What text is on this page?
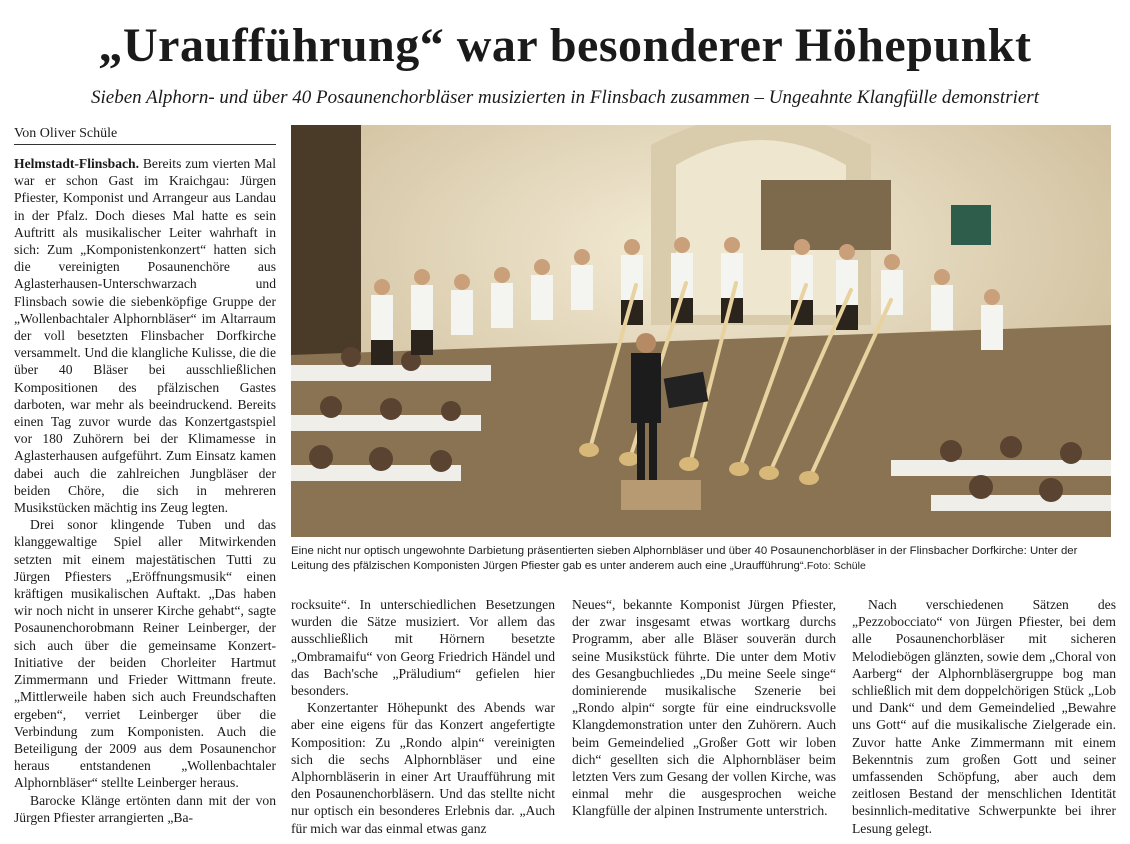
„Uraufführung“ war besonderer Höhepunkt
Sieben Alphorn- und über 40 Posaunenchorbläser musizierten in Flinsbach zusammen – Ungeahnte Klangfülle demonstriert
Von Oliver Schüle

Helmstadt-Flinsbach. Bereits zum vierten Mal war er schon Gast im Kraichgau: Jürgen Pfiester, Komponist und Arrangeur aus Landau in der Pfalz. Doch dieses Mal hatte es sein Auftritt als musikalischer Leiter wahrhaft in sich: Zum „Komponistenkonzert“ hatten sich die vereinigten Posaunenchöre aus Aglasterhausen-Unterschwarzach und Flinsbach sowie die siebenköpfige Gruppe der „Wollenbachtaler Alphornbläser“ im Altarraum der voll besetzten Flinsbacher Dorfkirche versammelt. Und die klangliche Kulisse, die die über 40 Bläser bei ausschließlichen Kompositionen des pfälzischen Gastes darboten, war mehr als beeindruckend. Bereits einen Tag zuvor wurde das Konzertgastspiel vor 180 Zuhörern bei der Klimamesse in Aglasterhausen aufgeführt. Zum Einsatz kamen dabei auch die zahlreichen Jungbläser der beiden Chöre, die sich in mehreren Musikstücken mächtig ins Zeug legten.

Drei sonor klingende Tuben und das klanggewaltige Spiel aller Mitwirkenden setzten mit einem majestätischen Tutti zu Jürgen Pfiesters „Eröffnungsmusik“ einen kräftigen musikalischen Auftakt. „Das haben wir noch nicht in unserer Kirche gehabt“, sagte Posaunenchorobmann Reiner Leinberger, der sich auch über die gemeinsame Konzert-Initiative der beiden Chorleiter Hartmut Zimmermann und Frieder Wittmann freute. „Mittlerweile haben sich auch Freundschaften ergeben“, verriet Leinberger über die Verbindung zum Komponisten. Auch die Beteiligung der 2009 aus dem Posaunenchor heraus entstandenen „Wollenbachtaler Alphornbläser“ stellte Leinberger heraus.

Barocke Klänge ertönten dann mit der von Jürgen Pfiester arrangierten „Ba-

Eine nicht nur optisch ungewohnte Darbietung präsentierten sieben Alphornbläser und über 40 Posaunenchorbläser in der Flinsbacher Dorfkirche: Unter der Leitung des pfälzischen Komponisten Jürgen Pfiester gab es unter anderem auch eine „Uraufführung“.Foto: Schüle

rocksuite“. In unterschiedlichen Besetzungen wurden die Sätze musiziert. Vor allem das ausschließlich mit Hörnern besetzte „Ombramaifu“ von Georg Friedrich Händel und das Bach'sche „Präludium“ gefielen hier besonders.

Konzertanter Höhepunkt des Abends war aber eine eigens für das Konzert angefertigte Komposition: Zu „Rondo alpin“ vereinigten sich die sechs Alphornbläser und eine Alphornbläserin in einer Art Uraufführung mit den Posaunenchorbläsern. Und das stellte nicht nur optisch ein besonderes Erlebnis dar. „Auch für mich war das einmal etwas ganz

Neues“, bekannte Komponist Jürgen Pfiester, der zwar insgesamt etwas wortkarg durchs Programm, aber alle Bläser souverän durch seine Musikstück führte. Die unter dem Motiv des Gesangbuchliedes „Du meine Seele singe“ dominierende musikalische Szenerie bei „Rondo alpin“ sorgte für eine eindrucksvolle Klangdemonstration unter den Zuhörern. Auch beim Gemeindelied „Großer Gott wir loben dich“ gesellten sich die Alphornbläser beim letzten Vers zum Gesang der vollen Kirche, was einmal mehr die ausgesprochen weiche Klangfülle der alpinen Instrumente unterstrich.

Nach verschiedenen Sätzen des „Pezzobocciato“ von Jürgen Pfiester, bei dem alle Posaunenchorbläser mit sicheren Melodiebögen glänzten, sowie dem „Choral von Aarberg“ der Alphornbläsergruppe bog man schließlich mit dem doppelchörigen Stück „Lob und Dank“ und dem Gemeindelied „Bewahre uns Gott“ auf die musikalische Zielgerade ein. Zuvor hatte Anke Zimmermann mit einem Bekenntnis zum großen Gott und seiner umfassenden Schöpfung, aber auch dem zeitlosen Bestand der menschlichen Identität besinnlich-meditative Schwerpunkte bei ihrer Lesung gelegt.
